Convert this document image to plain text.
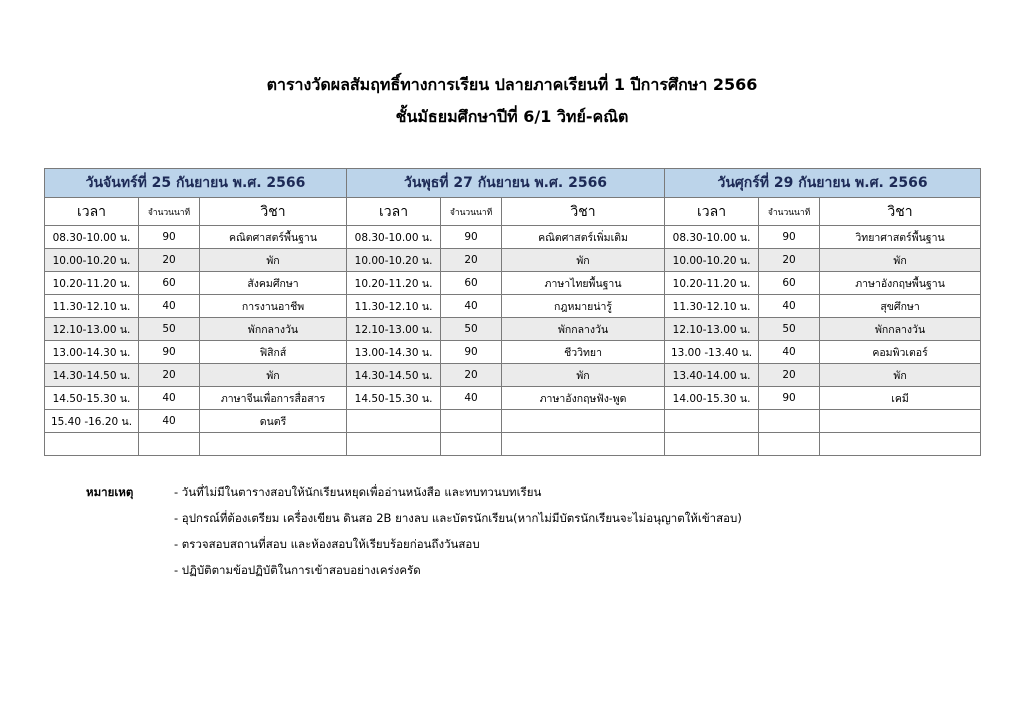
ตารางวัดผลสัมฤทธิ์ทางการเรียน ปลายภาคเรียนที่ 1 ปีการศึกษา 2566
ชั้นมัธยมศึกษาปีที่ 6/1 วิทย์-คณิต
วันจันทร์ที่ 25 กันยายน พ.ศ. 2566			วันพุธที่ 27 กันยายน พ.ศ. 2566			วันศุกร์ที่ 29 กันยายน พ.ศ. 2566		
เวลา	จำนวนนาที	วิชา	เวลา	จำนวนนาที	วิชา	เวลา	จำนวนนาที	วิชา
08.30-10.00 น.	90	คณิตศาสตร์พื้นฐาน	08.30-10.00 น.	90	คณิตศาสตร์เพิ่มเติม	08.30-10.00 น.	90	วิทยาศาสตร์พื้นฐาน
10.00-10.20 น.	20	พัก	10.00-10.20 น.	20	พัก	10.00-10.20 น.	20	พัก
10.20-11.20 น.	60	สังคมศึกษา	10.20-11.20 น.	60	ภาษาไทยพื้นฐาน	10.20-11.20 น.	60	ภาษาอังกฤษพื้นฐาน
11.30-12.10 น.	40	การงานอาชีพ	11.30-12.10 น.	40	กฎหมายน่ารู้	11.30-12.10 น.	40	สุขศึกษา
12.10-13.00 น.	50	พักกลางวัน	12.10-13.00 น.	50	พักกลางวัน	12.10-13.00 น.	50	พักกลางวัน
13.00-14.30 น.	90	ฟิสิกส์	13.00-14.30 น.	90	ชีววิทยา	13.00 -13.40 น.	40	คอมพิวเตอร์
14.30-14.50 น.	20	พัก	14.30-14.50 น.	20	พัก	13.40-14.00 น.	20	พัก
14.50-15.30 น.	40	ภาษาจีนเพื่อการสื่อสาร	14.50-15.30 น.	40	ภาษาอังกฤษฟัง-พูด	14.00-15.30 น.	90	เคมี
15.40 -16.20 น.	40	ดนตรี						

หมายเหตุ	- วันที่ไม่มีในตารางสอบให้นักเรียนหยุดเพื่ออ่านหนังสือ และทบทวนบทเรียน
- อุปกรณ์ที่ต้องเตรียม เครื่องเขียน ดินสอ 2B ยางลบ และบัตรนักเรียน(หากไม่มีบัตรนักเรียนจะไม่อนุญาตให้เข้าสอบ)
- ตรวจสอบสถานที่สอบ และห้องสอบให้เรียบร้อยก่อนถึงวันสอบ
- ปฏิบัติตามข้อปฏิบัติในการเข้าสอบอย่างเคร่งครัด
